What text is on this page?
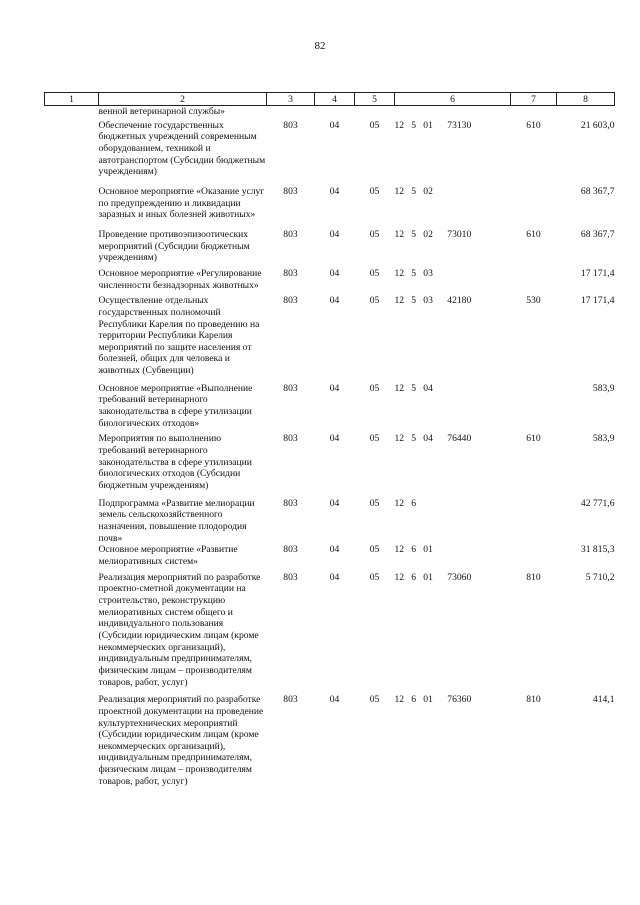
82
1	2	3	4	5	6	7	8
	венной ветеринарной службы»						
	Обеспечение государственных бюджетных учреждений современным оборудованием, техникой и автотранспортом (Субсидии бюджетным учреждениям)	803	04	05	12   5   01      73130	610	21 603,0
	Основное мероприятие «Оказание услуг по предупреждению и ликвидации заразных и иных болезней животных»	803	04	05	12   5   02		68 367,7
	Проведение противоэпизоотических мероприятий (Субсидии бюджетным учреждениям)	803	04	05	12   5   02      73010	610	68 367,7
	Основное мероприятие «Регулирование численности безнадзорных животных»	803	04	05	12   5   03		17 171,4
	Осуществление отдельных государственных полномочий Республики Карелия по проведению на территории Республики Карелия мероприятий по защите населения от болезней, общих для человека и животных (Субвенции)	803	04	05	12   5   03      42180	530	17 171,4
	Основное мероприятие «Выполнение требований ветеринарного законодательства в сфере утилизации биологических отходов»	803	04	05	12   5   04		583,9
	Мероприятия по выполнению требований ветеринарного законодательства в сфере утилизации биологических отходов (Субсидии бюджетным учреждениям)	803	04	05	12   5   04      76440	610	583,9
	Подпрограмма «Развитие мелиорации земель сельскохозяйственного назначения, повышение плодородия почв»	803	04	05	12   6		42 771,6
	Основное мероприятие «Развитие мелиоративных систем»	803	04	05	12   6   01		31 815,3
	Реализация мероприятий по разработке проектно-сметной документации на строительство, реконструкцию мелиоративных систем общего и индивидуального пользования (Субсидии юридическим лицам (кроме некоммерческих организаций), индивидуальным предпринимателям, физическим лицам – производителям товаров, работ, услуг)	803	04	05	12   6   01      73060	810	5 710,2
	Реализация мероприятий по разработке проектной документации на проведение культуртехнических мероприятий (Субсидии юридическим лицам (кроме некоммерческих организаций), индивидуальным предпринимателям, физическим лицам – производителям товаров, работ, услуг)	803	04	05	12   6   01      76360	810	414,1
